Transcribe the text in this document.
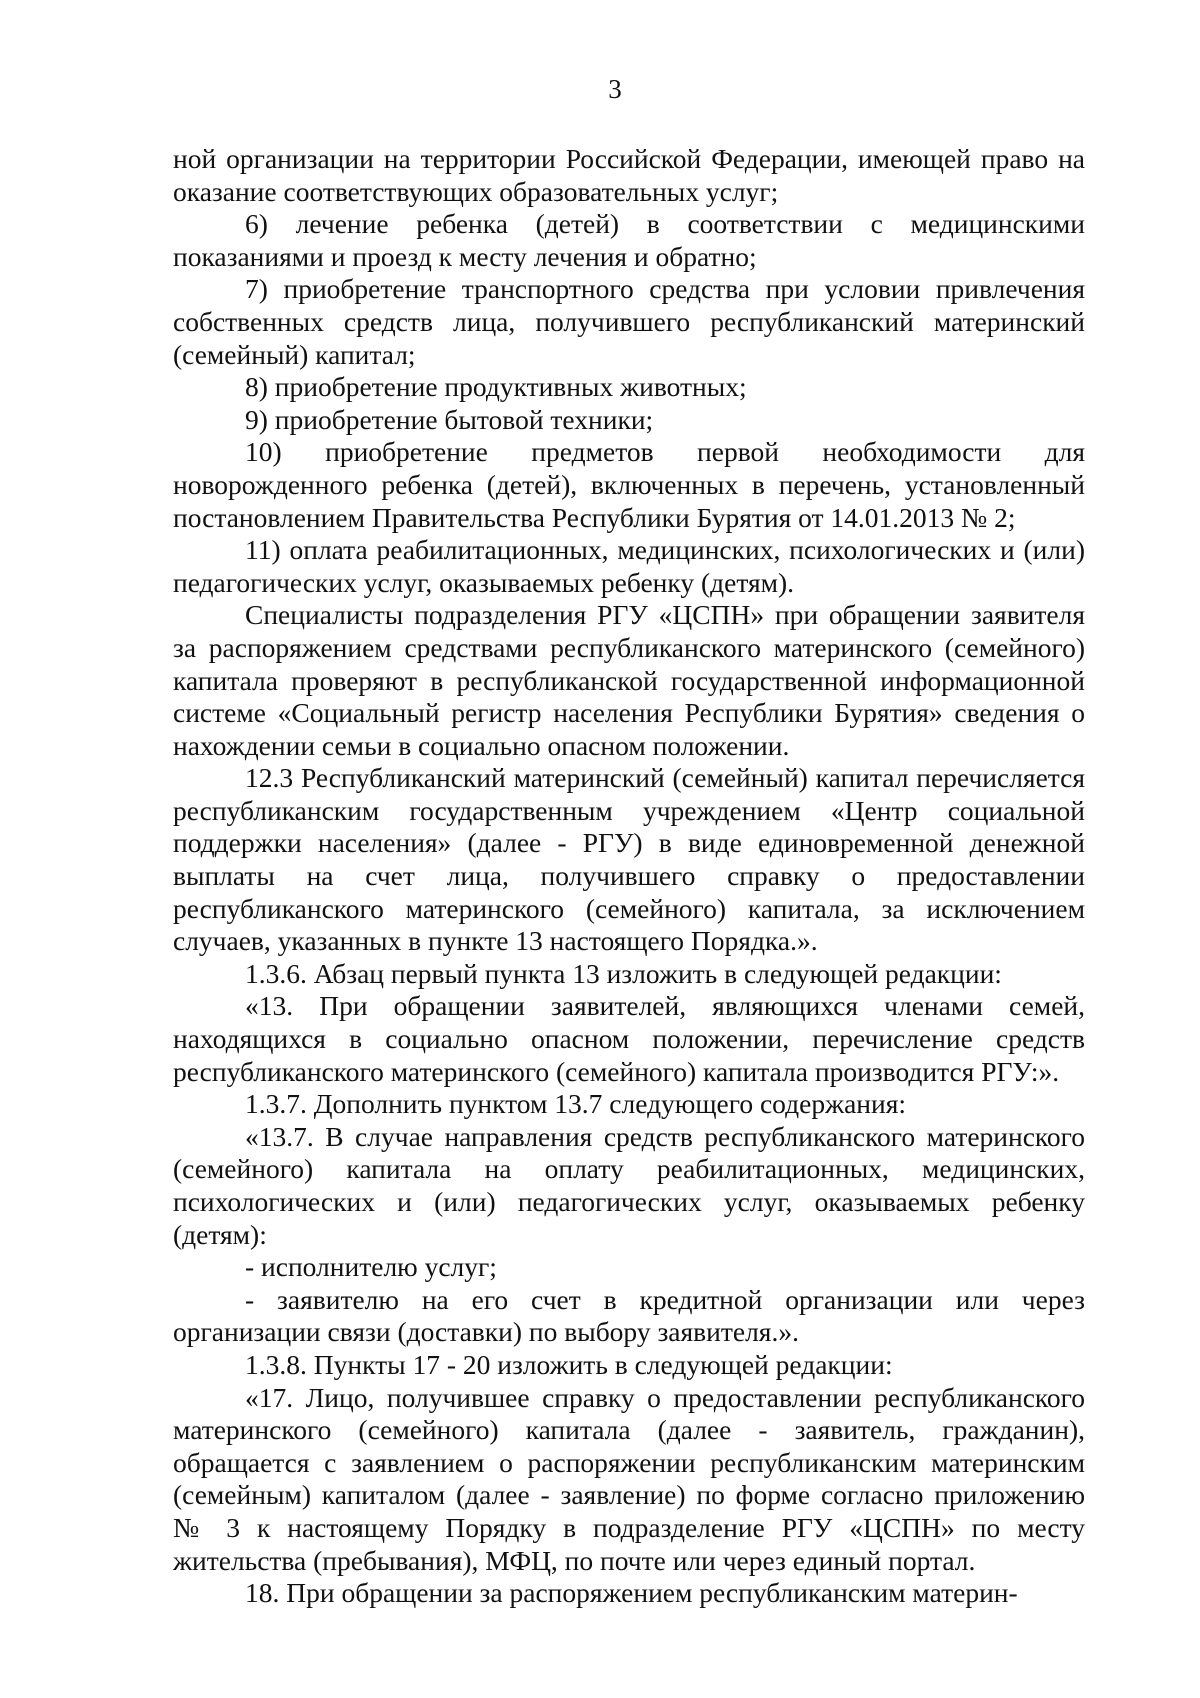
3

ной организации на территории Российской Федерации, имеющей право на оказание соответствующих образовательных услуг;

6) лечение ребенка (детей) в соответствии с медицинскими показаниями и проезд к месту лечения и обратно;

7) приобретение транспортного средства при условии привлечения собственных средств лица, получившего республиканский материнский (семейный) капитал;

8) приобретение продуктивных животных;

9) приобретение бытовой техники;

10) приобретение предметов первой необходимости для новорожденного ребенка (детей), включенных в перечень, установленный постановлением Правительства Республики Бурятия от 14.01.2013 № 2;

11) оплата реабилитационных, медицинских, психологических и (или) педагогических услуг, оказываемых ребенку (детям).

Специалисты подразделения РГУ «ЦСПН» при обращении заявителя за распоряжением средствами республиканского материнского (семейного) капитала проверяют в республиканской государственной информационной системе «Социальный регистр населения Республики Бурятия» сведения о нахождении семьи в социально опасном положении.

12.3 Республиканский материнский (семейный) капитал перечисляется республиканским государственным учреждением «Центр социальной поддержки населения» (далее - РГУ) в виде единовременной денежной выплаты на счет лица, получившего справку о предоставлении республиканского материнского (семейного) капитала, за исключением случаев, указанных в пункте 13 настоящего Порядка.».

1.3.6. Абзац первый пункта 13 изложить в следующей редакции:

«13. При обращении заявителей, являющихся членами семей, находящихся в социально опасном положении, перечисление средств республиканского материнского (семейного) капитала производится РГУ:».

1.3.7. Дополнить пунктом 13.7 следующего содержания:

«13.7. В случае направления средств республиканского материнского (семейного) капитала на оплату реабилитационных, медицинских, психологических и (или) педагогических услуг, оказываемых ребенку (детям):

- исполнителю услуг;

- заявителю на его счет в кредитной организации или через организации связи (доставки) по выбору заявителя.».

1.3.8. Пункты 17 - 20 изложить в следующей редакции:

«17. Лицо, получившее справку о предоставлении республиканского материнского (семейного) капитала (далее - заявитель, гражданин), обращается с заявлением о распоряжении республиканским материнским (семейным) капиталом (далее - заявление) по форме согласно приложению № 3 к настоящему Порядку в подразделение РГУ «ЦСПН» по месту жительства (пребывания), МФЦ, по почте или через единый портал.

18. При обращении за распоряжением республиканским материн-
